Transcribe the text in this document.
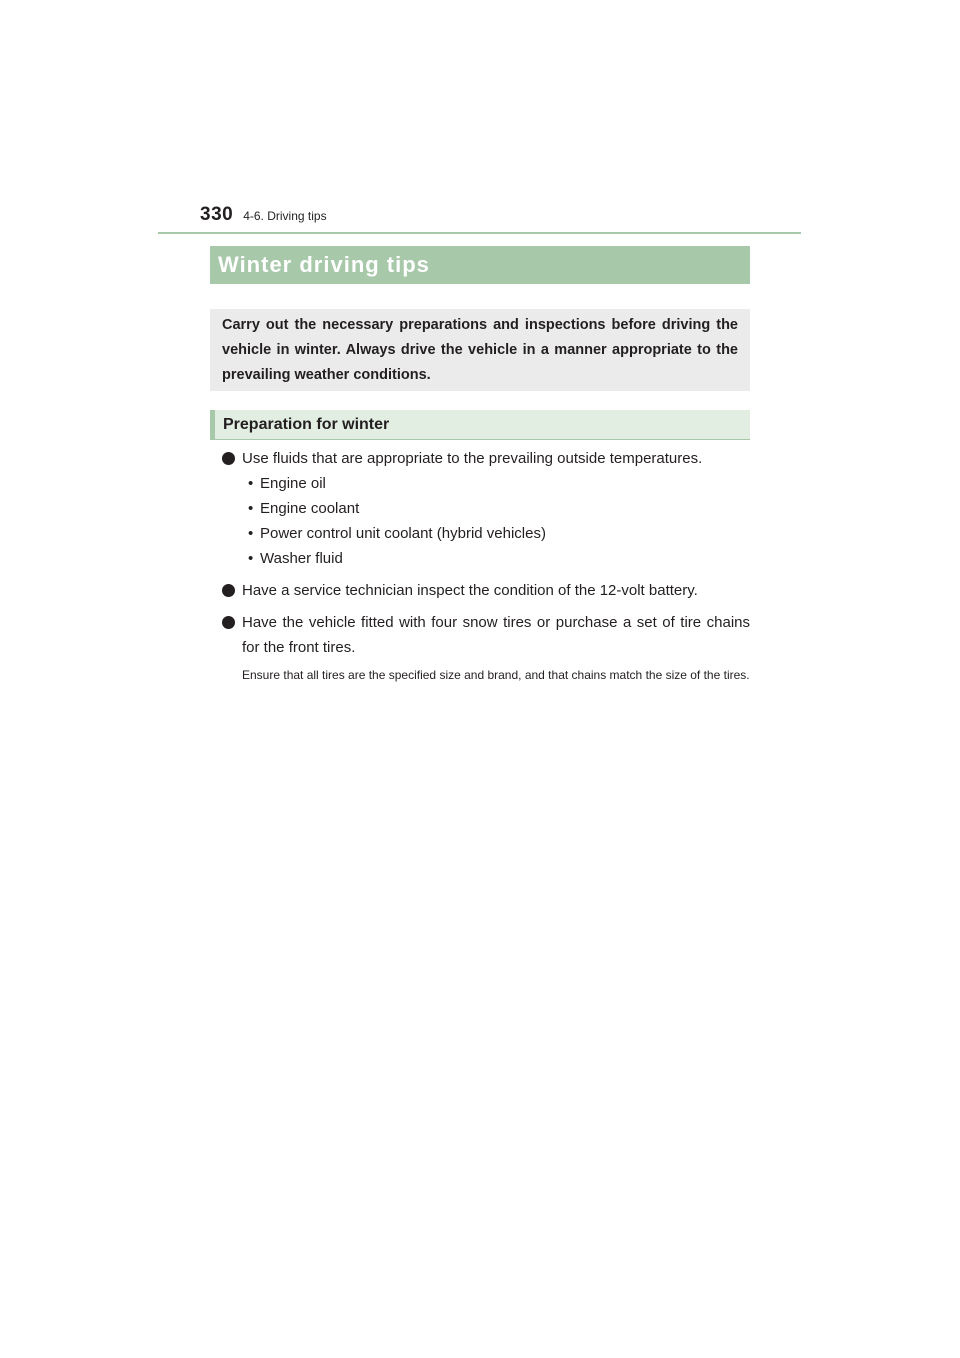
330 4-6. Driving tips
Winter driving tips

Carry out the necessary preparations and inspections before driving the vehicle in winter. Always drive the vehicle in a manner appropriate to the prevailing weather conditions.

Preparation for winter
Use fluids that are appropriate to the prevailing outside temperatures.
• Engine oil
• Engine coolant
• Power control unit coolant (hybrid vehicles)
• Washer fluid
Have a service technician inspect the condition of the 12-volt battery.
Have the vehicle fitted with four snow tires or purchase a set of tire chains for the front tires.

Ensure that all tires are the specified size and brand, and that chains match the size of the tires.
